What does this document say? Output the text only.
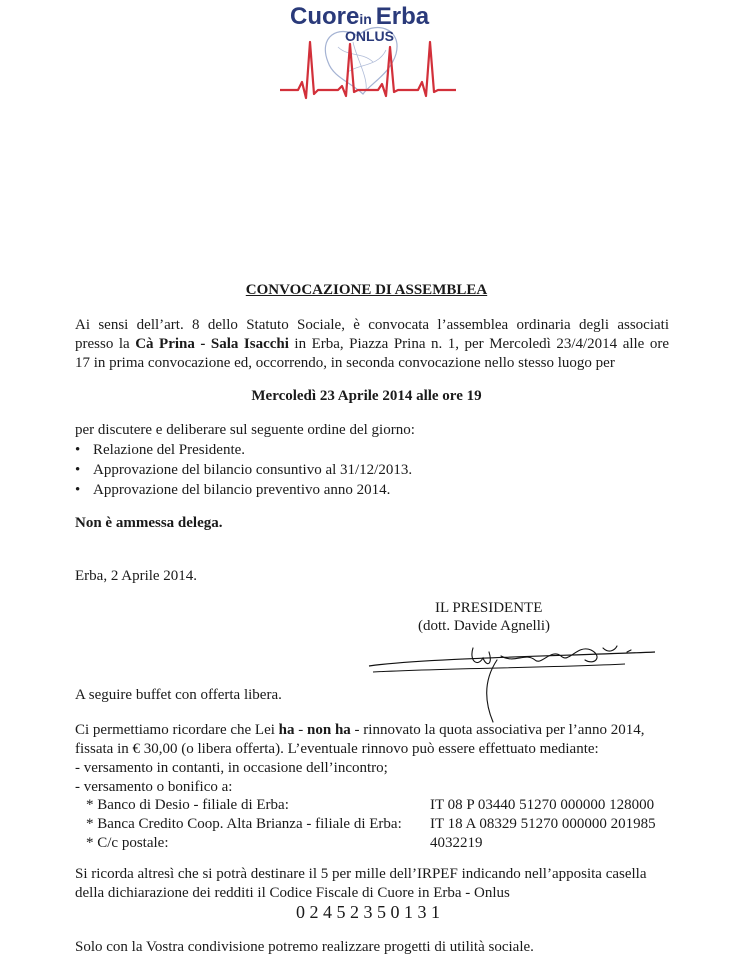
Cuorein Erba
ONLUS
CONVOCAZIONE DI ASSEMBLEA
Ai sensi dell’art. 8 dello Statuto Sociale, è convocata l’assemblea ordinaria degli associati
presso la Cà Prina - Sala Isacchi in Erba, Piazza Prina n. 1, per Mercoledì 23/4/2014 alle ore
17 in prima convocazione ed, occorrendo, in seconda convocazione nello stesso luogo per
Mercoledì 23 Aprile 2014 alle ore 19
per discutere e deliberare sul seguente ordine del giorno:
• Relazione del Presidente.
• Approvazione del bilancio consuntivo al 31/12/2013.
• Approvazione del bilancio preventivo anno 2014.
Non è ammessa delega.
Erba, 2 Aprile 2014.
IL PRESIDENTE
(dott. Davide Agnelli)
A seguire buffet con offerta libera.
Ci permettiamo ricordare che Lei ha - non ha - rinnovato la quota associativa per l’anno 2014,
fissata in € 30,00 (o libera offerta). L’eventuale rinnovo può essere effettuato mediante:
- versamento in contanti, in occasione dell’incontro;
- versamento o bonifico a:
* Banco di Desio - filiale di Erba:	IT 08 P 03440 51270 000000 128000
* Banca Credito Coop. Alta Brianza - filiale di Erba: IT 18 A 08329 51270 000000 201985
* C/c postale:	4032219
Si ricorda altresì che si potrà destinare il 5 per mille dell’IRPEF indicando nell’apposita casella
della dichiarazione dei redditi il Codice Fiscale di Cuore in Erba - Onlus
0 2 4 5 2 3 5 0 1 3 1
Solo con la Vostra condivisione potremo realizzare progetti di utilità sociale.
